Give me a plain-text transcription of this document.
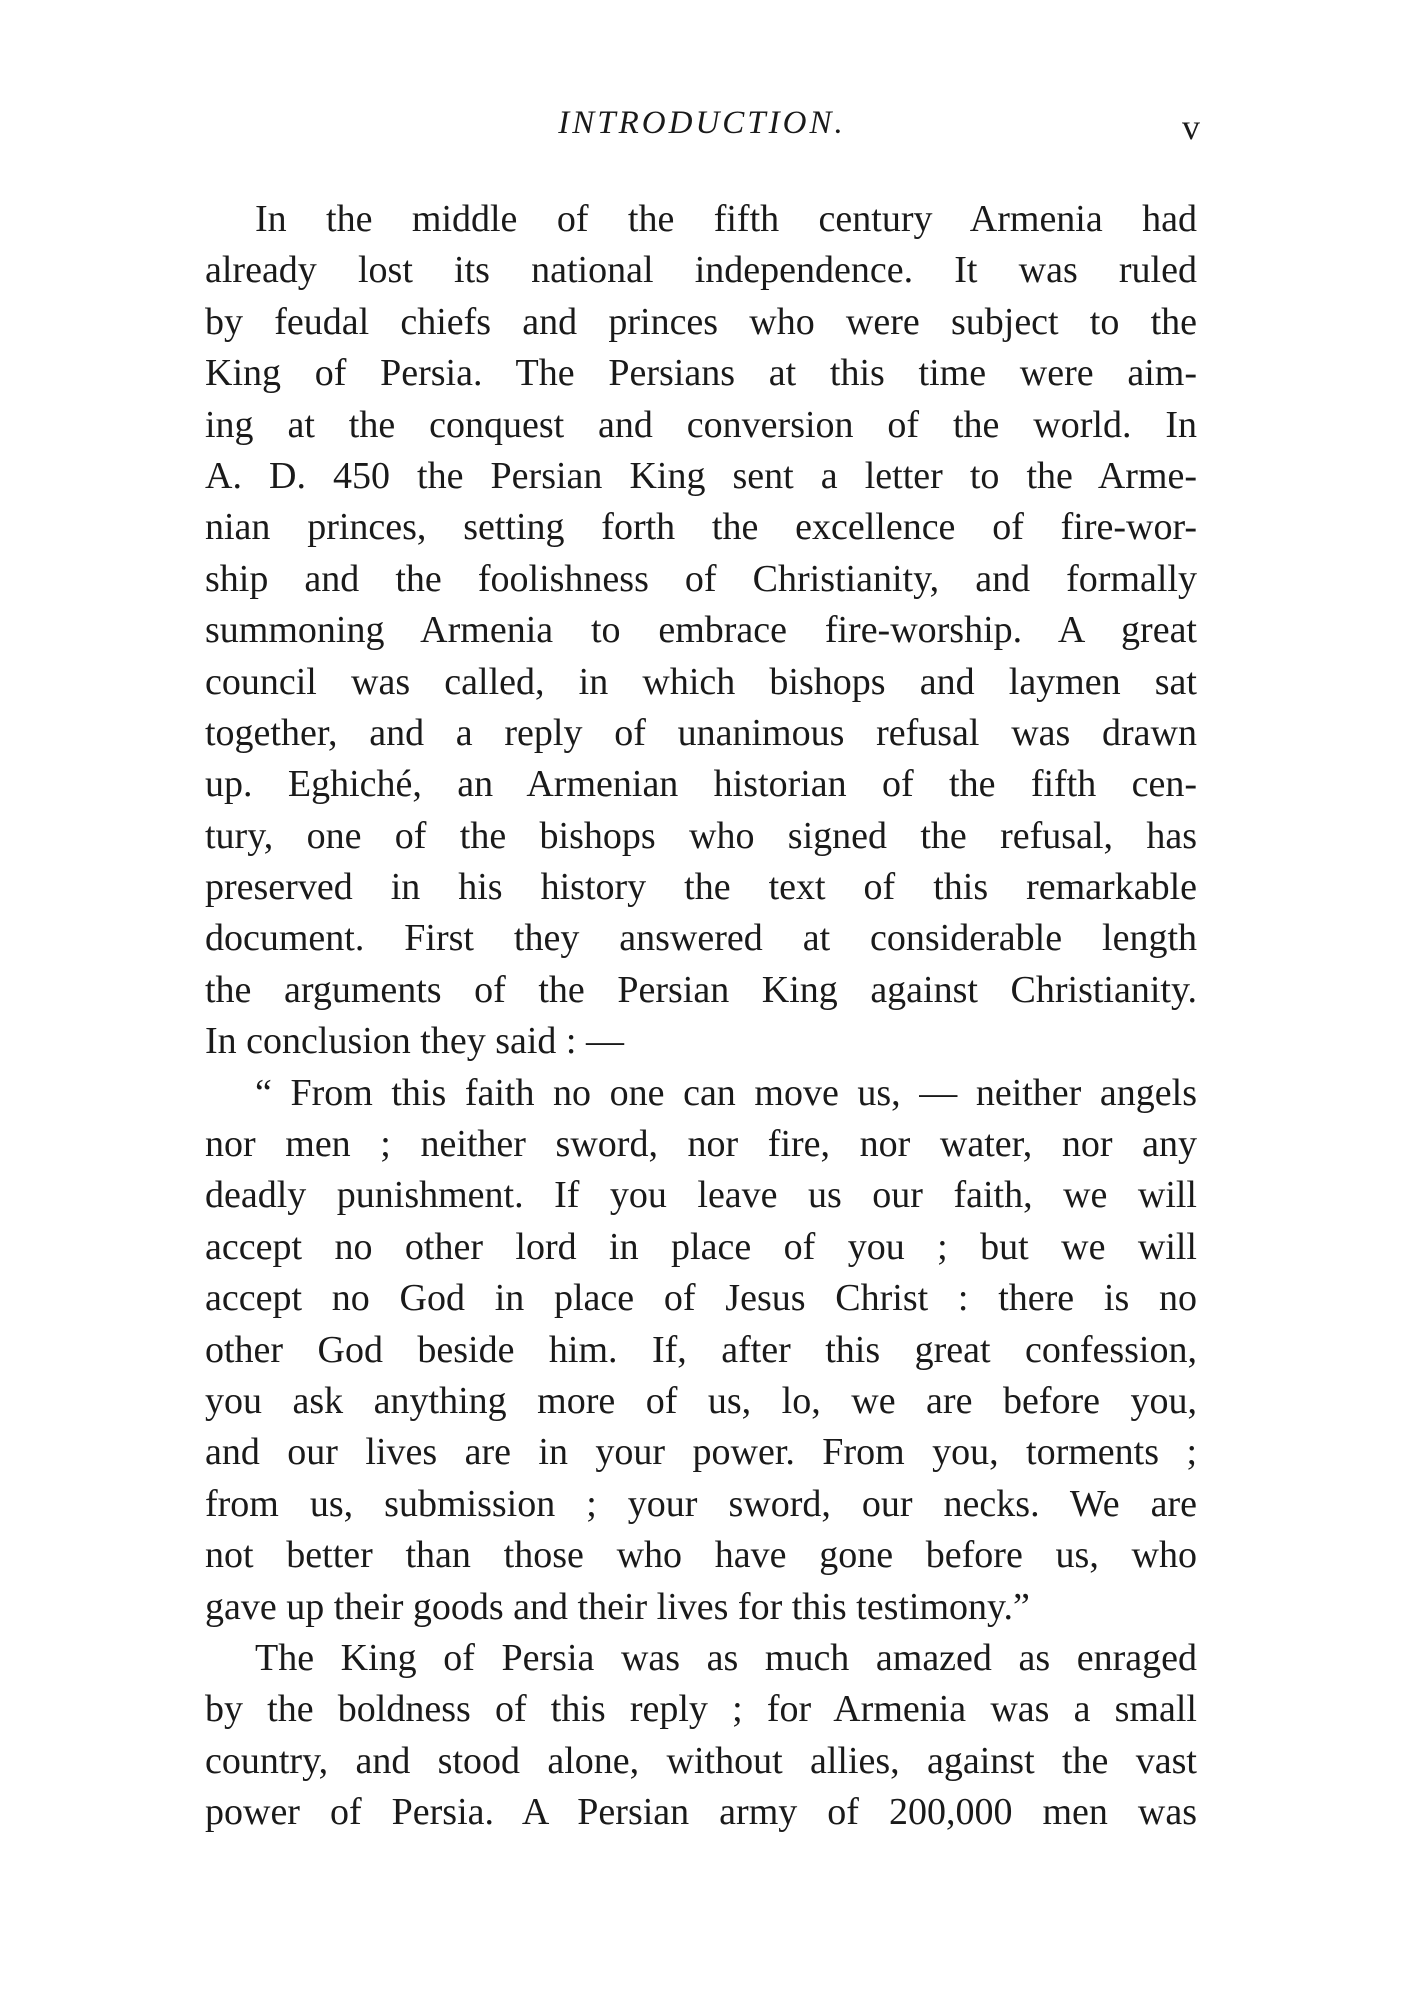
INTRODUCTION.	v
In the middle of the fifth century Armenia had
already lost its national independence. It was ruled
by feudal chiefs and princes who were subject to the
King of Persia. The Persians at this time were aim-
ing at the conquest and conversion of the world. In
A. D. 450 the Persian King sent a letter to the Arme-
nian princes, setting forth the excellence of fire-wor-
ship and the foolishness of Christianity, and formally
summoning Armenia to embrace fire-worship. A great
council was called, in which bishops and laymen sat
together, and a reply of unanimous refusal was drawn
up. Eghiché, an Armenian historian of the fifth cen-
tury, one of the bishops who signed the refusal, has
preserved in his history the text of this remarkable
document. First they answered at considerable length
the arguments of the Persian King against Christianity.
In conclusion they said : —
“ From this faith no one can move us, — neither angels
nor men ; neither sword, nor fire, nor water, nor any
deadly punishment. If you leave us our faith, we will
accept no other lord in place of you ; but we will
accept no God in place of Jesus Christ : there is no
other God beside him. If, after this great confession,
you ask anything more of us, lo, we are before you,
and our lives are in your power. From you, torments ;
from us, submission ; your sword, our necks. We are
not better than those who have gone before us, who
gave up their goods and their lives for this testimony.”
The King of Persia was as much amazed as enraged
by the boldness of this reply ; for Armenia was a small
country, and stood alone, without allies, against the vast
power of Persia. A Persian army of 200,000 men was
